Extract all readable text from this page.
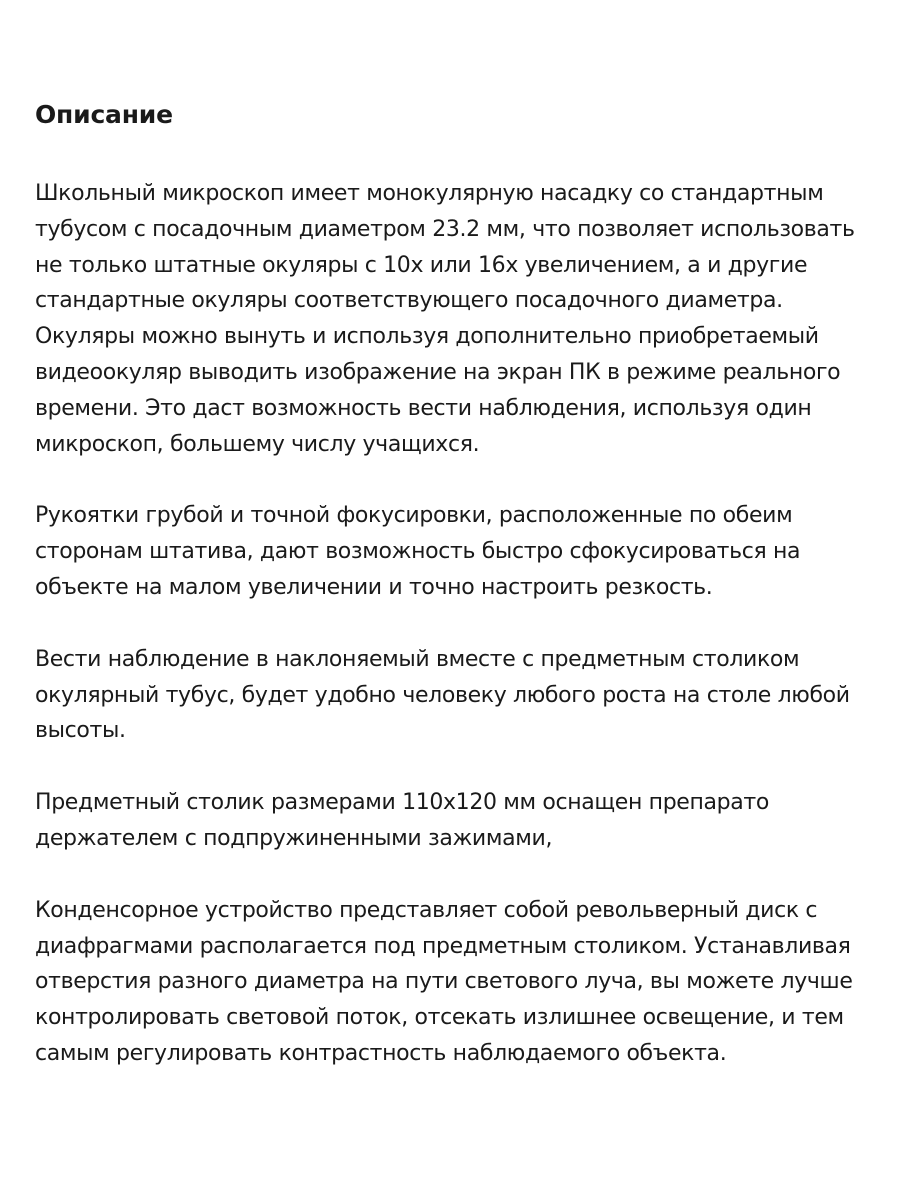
Описание

Школьный микроскоп имеет монокулярную насадку со стандартным тубусом с посадочным диаметром 23.2 мм, что позволяет использовать не только штатные окуляры с 10х или 16х увеличением, а и другие стандартные окуляры соответствующего посадочного диаметра. Окуляры можно вынуть и используя дополнительно приобретаемый видеоокуляр выводить изображение на экран ПК в режиме реального времени. Это даст возможность вести наблюдения, используя один микроскоп, большему числу учащихся.

Рукоятки грубой и точной фокусировки, расположенные по обеим сторонам штатива, дают возможность быстро сфокусироваться на объекте на малом увеличении и точно настроить резкость.

Вести наблюдение в наклоняемый вместе с предметным столиком окулярный тубус, будет удобно человеку любого роста на столе любой высоты.

Предметный столик размерами 110х120 мм оснащен препарато держателем с подпружиненными зажимами,

Конденсорное устройство представляет собой револьверный диск с диафрагмами располагается под предметным столиком. Устанавливая отверстия разного диаметра на пути светового луча, вы можете лучше контролировать световой поток, отсекать излишнее освещение, и тем самым регулировать контрастность наблюдаемого объекта.
